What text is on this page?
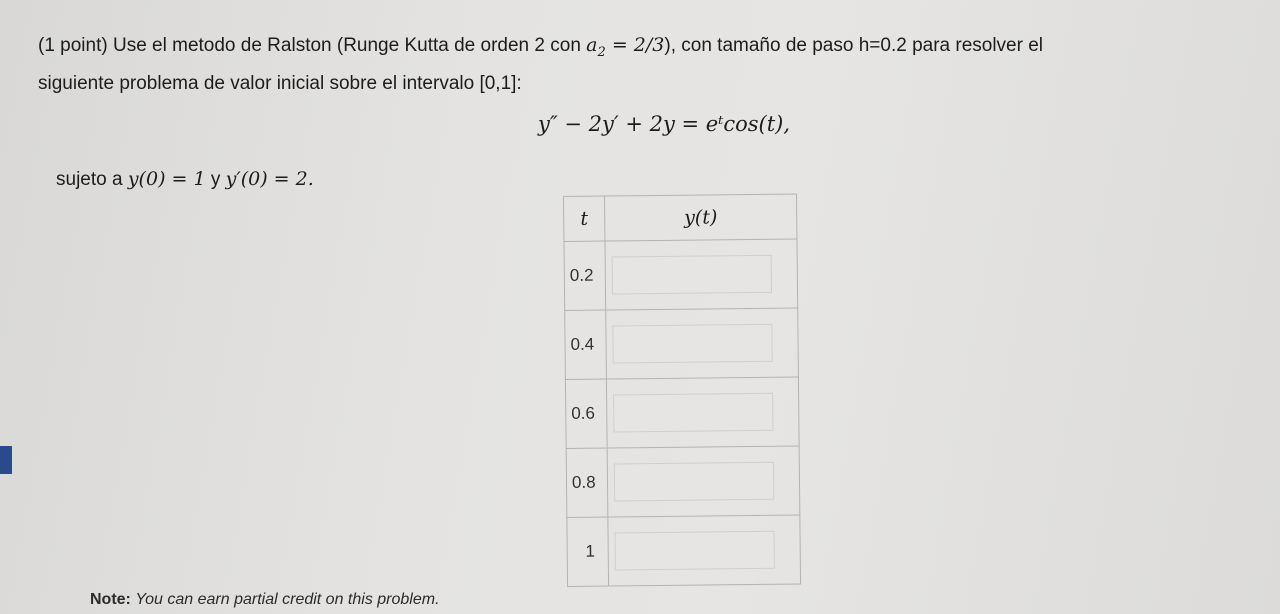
(1 point) Use el metodo de Ralston (Runge Kutta de orden 2 con $a_2 = 2/3$), con tamaño de paso h=0.2 para resolver el
siguiente problema de valor inicial sobre el intervalo [0,1]:
y″ − 2y′ + 2y = eᵗcos(t),
sujeto a y(0) = 1 y y′(0) = 2.
t	y(t)
0.2	
0.4	
0.6	
0.8	
1	
Note: You can earn partial credit on this problem.
